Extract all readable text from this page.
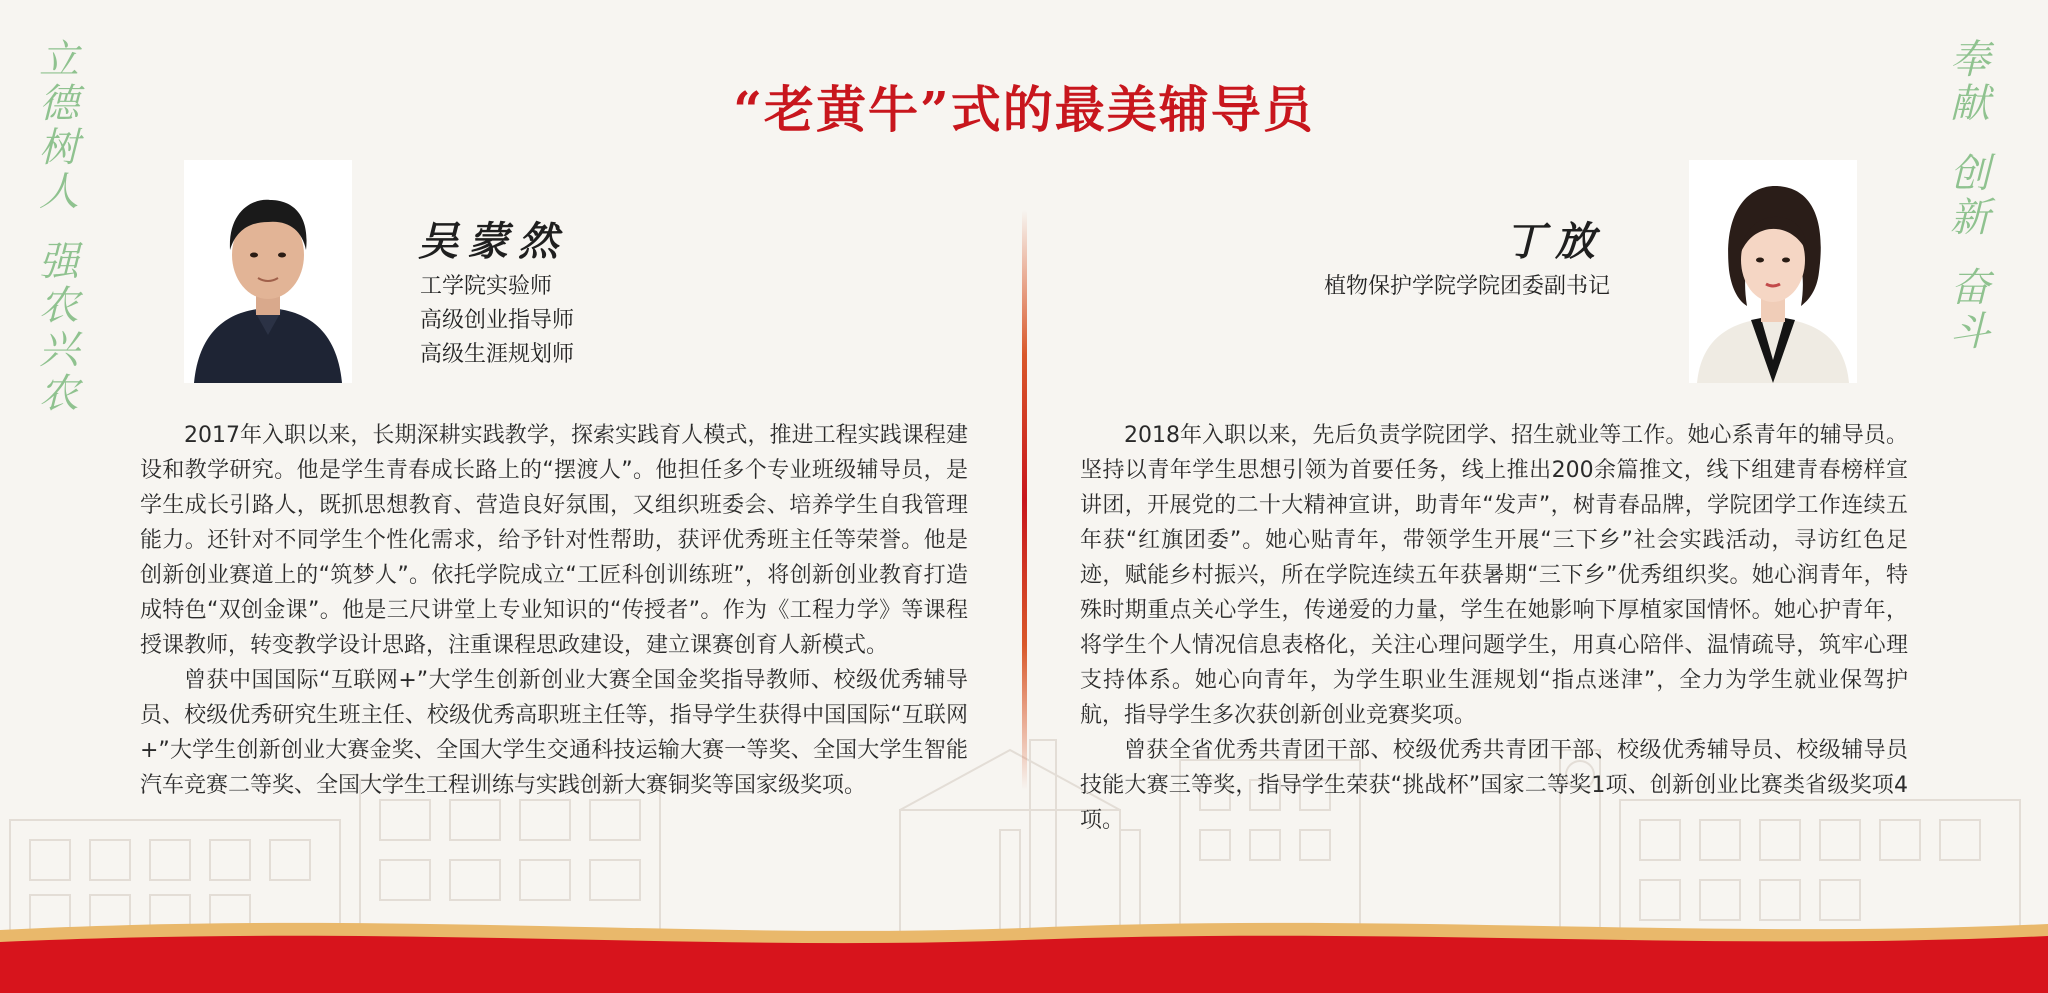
立
德
树
人
强
农
兴
农
奉
献
创
新
奋
斗
“老黄牛”式的最美辅导员
吴蒙然
工学院实验师
高级创业指导师
高级生涯规划师
丁放
植物保护学院学院团委副书记

2017年入职以来，长期深耕实践教学，探索实践育人模式，推进工程实践课程建设和教学研究。他是学生青春成长路上的“摆渡人”。他担任多个专业班级辅导员，是学生成长引路人，既抓思想教育、营造良好氛围，又组织班委会、培养学生自我管理能力。还针对不同学生个性化需求，给予针对性帮助，获评优秀班主任等荣誉。他是创新创业赛道上的“筑梦人”。依托学院成立“工匠科创训练班”，将创新创业教育打造成特色“双创金课”。他是三尺讲堂上专业知识的“传授者”。作为《工程力学》等课程授课教师，转变教学设计思路，注重课程思政建设，建立课赛创育人新模式。

曾获中国国际“互联网+”大学生创新创业大赛全国金奖指导教师、校级优秀辅导员、校级优秀研究生班主任、校级优秀高职班主任等，指导学生获得中国国际“互联网+”大学生创新创业大赛金奖、全国大学生交通科技运输大赛一等奖、全国大学生智能汽车竞赛二等奖、全国大学生工程训练与实践创新大赛铜奖等国家级奖项。

2018年入职以来，先后负责学院团学、招生就业等工作。她心系青年的辅导员。坚持以青年学生思想引领为首要任务，线上推出200余篇推文，线下组建青春榜样宣讲团，开展党的二十大精神宣讲，助青年“发声”，树青春品牌，学院团学工作连续五年获“红旗团委”。她心贴青年，带领学生开展“三下乡”社会实践活动，寻访红色足迹，赋能乡村振兴，所在学院连续五年获暑期“三下乡”优秀组织奖。她心润青年，特殊时期重点关心学生，传递爱的力量，学生在她影响下厚植家国情怀。她心护青年，将学生个人情况信息表格化，关注心理问题学生，用真心陪伴、温情疏导，筑牢心理支持体系。她心向青年，为学生职业生涯规划“指点迷津”，全力为学生就业保驾护航，指导学生多次获创新创业竞赛奖项。

曾获全省优秀共青团干部、校级优秀共青团干部、校级优秀辅导员、校级辅导员技能大赛三等奖，指导学生荣获“挑战杯”国家二等奖1项、创新创业比赛类省级奖项4项。
